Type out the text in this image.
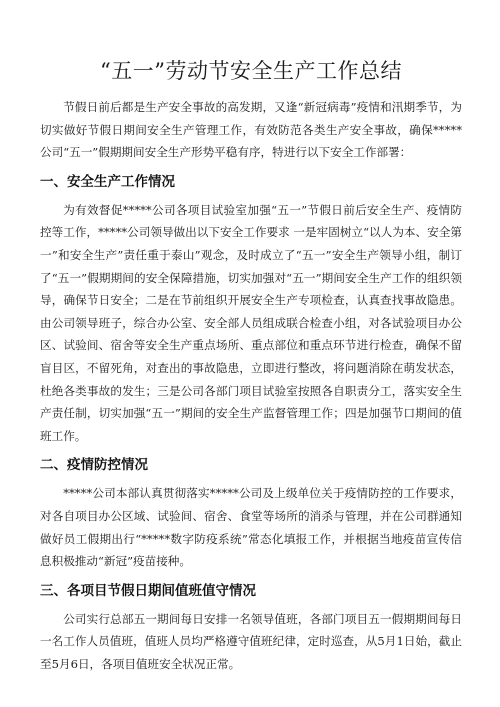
“五一”劳动节安全生产工作总结

节假日前后都是生产安全事故的高发期，又逢“新冠病毒”疫情和汛期季节，为切实做好节假日期间安全生产管理工作，有效防范各类生产安全事故，确保*****公司“五一”假期期间安全生产形势平稳有序，特进行以下安全工作部署：

一、安全生产工作情况

为有效督促*****公司各项目试验室加强“五一”节假日前后安全生产、疫情防控等工作，*****公司领导做出以下安全工作要求 一是牢固树立“以人为本、安全第一”和安全生产”责任重于泰山”观念，及时成立了“五一”安全生产领导小组，制订了“五一”假期期间的安全保障措施，切实加强对“五一”期间安全生产工作的组织领导，确保节日安全；二是在节前组织开展安全生产专项检查，认真查找事故隐患。由公司领导班子，综合办公室、安全部人员组成联合检查小组，对各试验项目办公区、试验间、宿舍等安全生产重点场所、重点部位和重点环节进行检查，确保不留盲目区，不留死角，对查出的事故隐患，立即进行整改，将问题消除在萌发状态，杜绝各类事故的发生；三是公司各部门项目试验室按照各自职责分工，落实安全生产责任制，切实加强“五一”期间的安全生产监督管理工作；四是加强节口期间的值班工作。

二、疫情防控情况

*****公司本部认真贯彻落实*****公司及上级单位关于疫情防控的工作要求，对各自项目办公区域、试验间、宿舍、食堂等场所的消杀与管理，并在公司群通知做好员工假期出行“*****数字防疫系统”常态化填报工作，并根据当地疫苗宣传信息积极推动“新冠”疫苗接种。

三、各项目节假日期间值班值守情况

公司实行总部五一期间每日安排一名领导值班，各部门项目五一假期期间每日一名工作人员值班，值班人员均严格遵守值班纪律，定时巡查，从5月1日始，截止至5月6日，各项目值班安全状况正常。
